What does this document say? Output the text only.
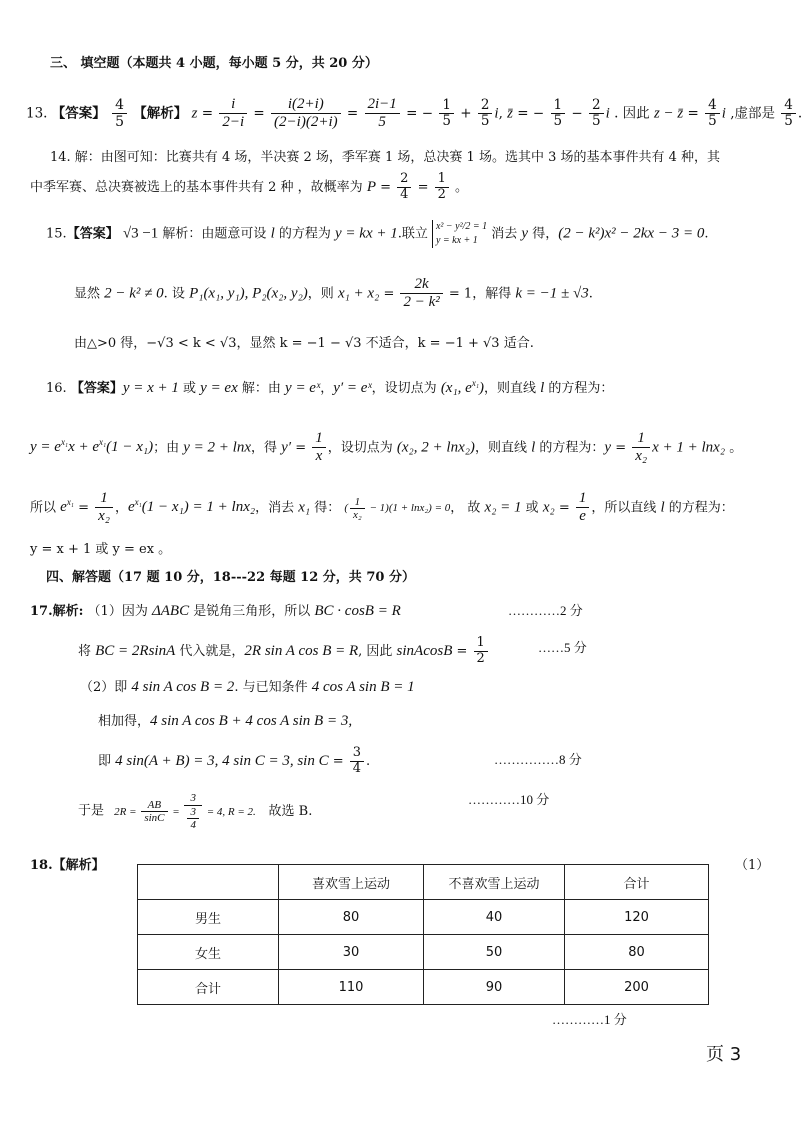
三、 填空题（本题共 4 小题，每小题 5 分，共 20 分）
13. 【答案】 $\frac{4}{5}$ 【解析】 $z = \frac{i}{2-i} = \frac{i(2+i)}{(2-i)(2+i)} = \frac{2i-1}{5}$ = − $\frac{1}{5} + \frac{2}{5} i$, z̄ = − $\frac{1}{5} - \frac{2}{5}$ i . 因此 z − z̄ = $\frac{4}{5}$ i ,虚部是 $\frac{4}{5}$ .
14. 解：由图可知：比赛共有 4 场，半决赛 2 场，季军赛 1 场，总决赛 1 场。选其中 3 场的基本事件共有 4 种，其
中季军赛、总决赛被选上的基本事件共有 2 种 ，故概率为 $P = \frac{2}{4} = \frac{1}{2}$ 。
15.【答案】 √3 −1 解析：由题意可设 l 的方程为 y = kx + 1.联立 x² − y²/2 = 1
y = kx + 1 消去 y 得，(2 − k²)x² − 2kx − 3 = 0.
显然 2 − k² ≠ 0. 设 P₁(x₁, y₁), P₂(x₂, y₂)，则 $x_1 + x_2 = \frac{2k}{\text{2 − k²}} = 1$，解得 k = −1 ± √3.
由△>0 得，−√3 < k < √3，显然 k = −1 − √3 不适合，k = −1 + √3 适合.
16. 【答案】y = x + 1 或 y = ex 解：由 y = eˣ，y′ = eˣ，设切点为 (x₁, $e^{x_1}$)，则直线 l 的方程为：
$y = e^{x_1}x + e^{x_1}(1 - x_1)$；由 y = 2 + lnx，得 $y' = \frac{1}{x}$ ，设切点为 (x₂, 2 + lnx₂)，则直线 l 的方程为：$y = \frac{1}{\text{x₂}}$ x + 1 + lnx₂ 。
所以 $e^{x_1} = \frac{1}{\text{x₂}}$ ，$e^{x_1}(1 - x_1) = 1 + \ln x_2$，消去 x₁ 得： ( $\frac{1}{\text{x₂}} - 1)(1 + \ln x_2) = 0$， 故 x₂ = 1 或 $x_2 = \frac{1}{e}$ ，所以直线 l 的方程为：
y = x + 1 或 y = ex 。
四、解答题（17 题 10 分，18---22 每题 12 分，共 70 分）
17.解析: （1）因为 ΔABC 是锐角三角形，所以 BC · cosB = R	…………2 分
将 BC = 2RsinA 代入就是，2R sin A cos B = R, 因此 sinAcosB = $\frac{1}{2}$	……5 分
（2）即 4 sin A cos B = 2. 与已知条件 4 cos A sin B = 1
相加得，4 sin A cos B + 4 cos A sin B = 3,
即 4 sin(A + B) = 3, 4 sin C = 3, $\sin C = \frac{3}{4}$ .	……………8 分
于是 $2R = \frac{AB}{\sin C} = \frac{3}{\frac{3}{4}} = 4$, R = 2. 故选 B.
…………10 分
18.【解析】	（1）
	喜欢雪上运动	不喜欢雪上运动	合计
男生	80	40	120
女生	30	50	80
合计	110	90	200
…………1 分
页 3
